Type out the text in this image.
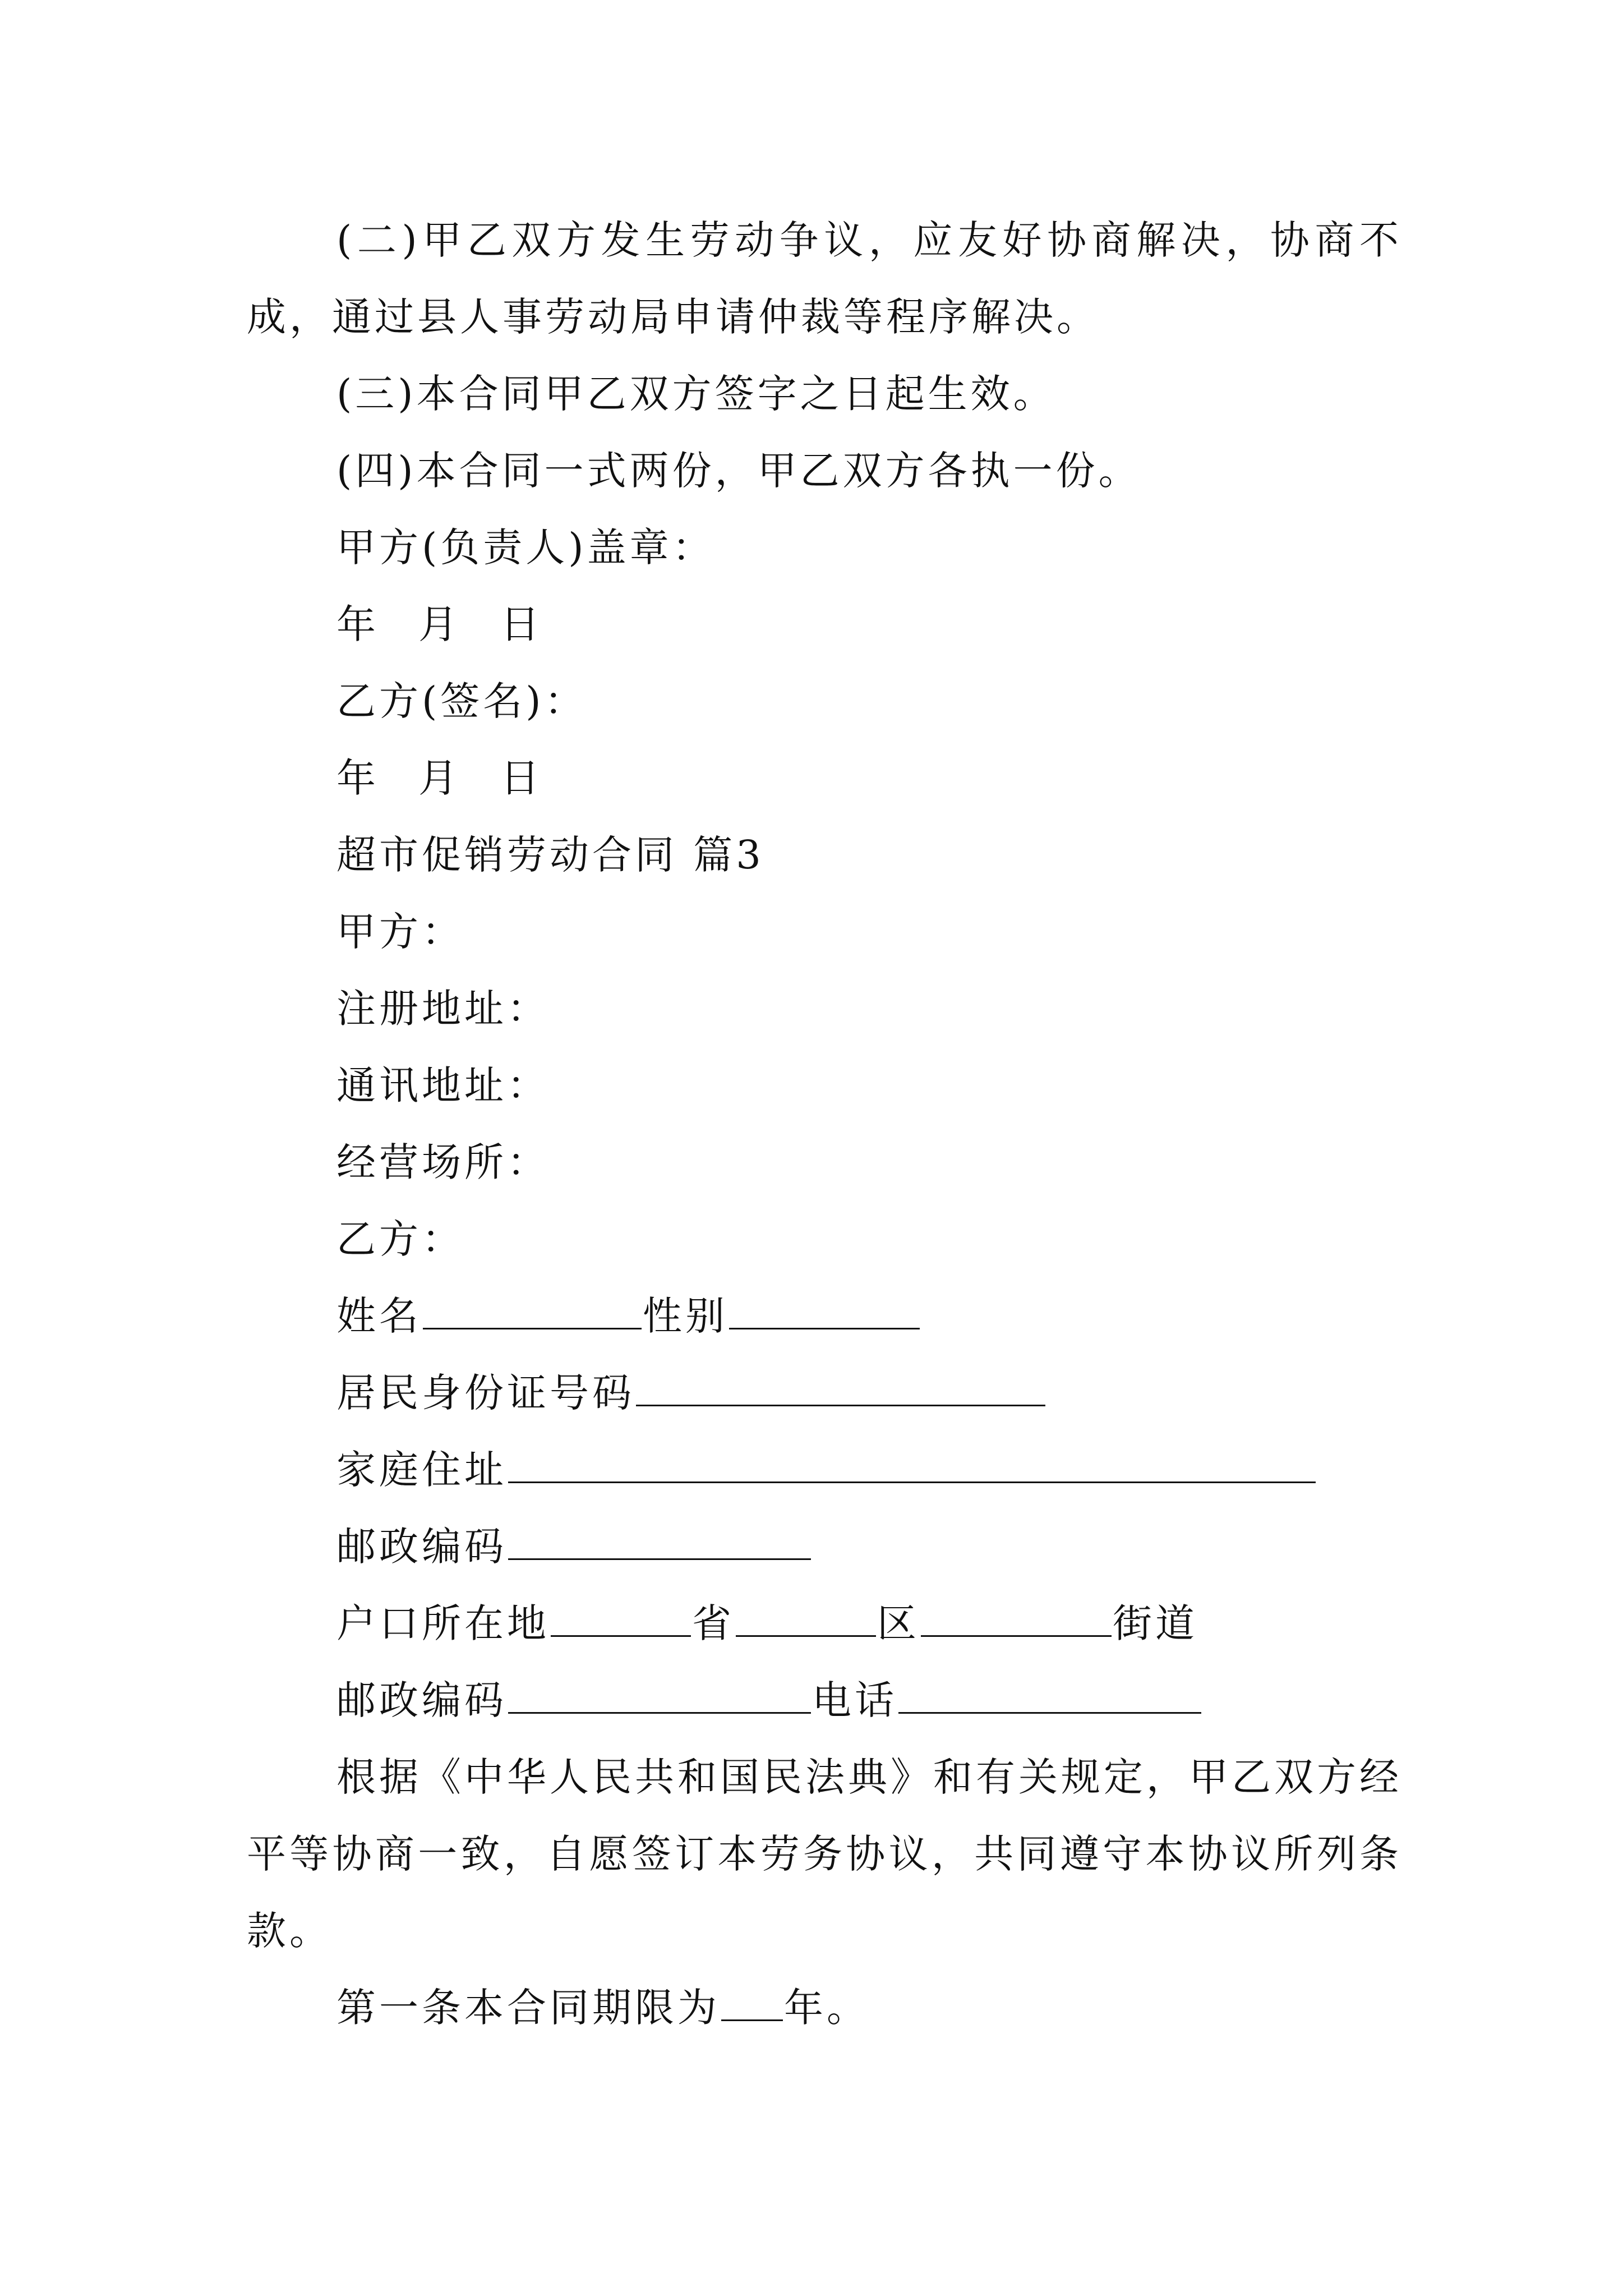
(二)甲乙双方发生劳动争议，应友好协商解决，协商不成，通过县人事劳动局申请仲裁等程序解决。

(三)本合同甲乙双方签字之日起生效。

(四)本合同一式两份，甲乙双方各执一份。

甲方(负责人)盖章：

年 月 日

乙方(签名)：

年 月 日

超市促销劳动合同 篇3

甲方：

注册地址：

通讯地址：

经营场所：

乙方：

姓名	性别

居民身份证号码

家庭住址

邮政编码

户口所在地	省	区	街道

邮政编码	电话

根据《中华人民共和国民法典》和有关规定，甲乙双方经平等协商一致，自愿签订本劳务协议，共同遵守本协议所列条款。

第一条本合同期限为 年。
